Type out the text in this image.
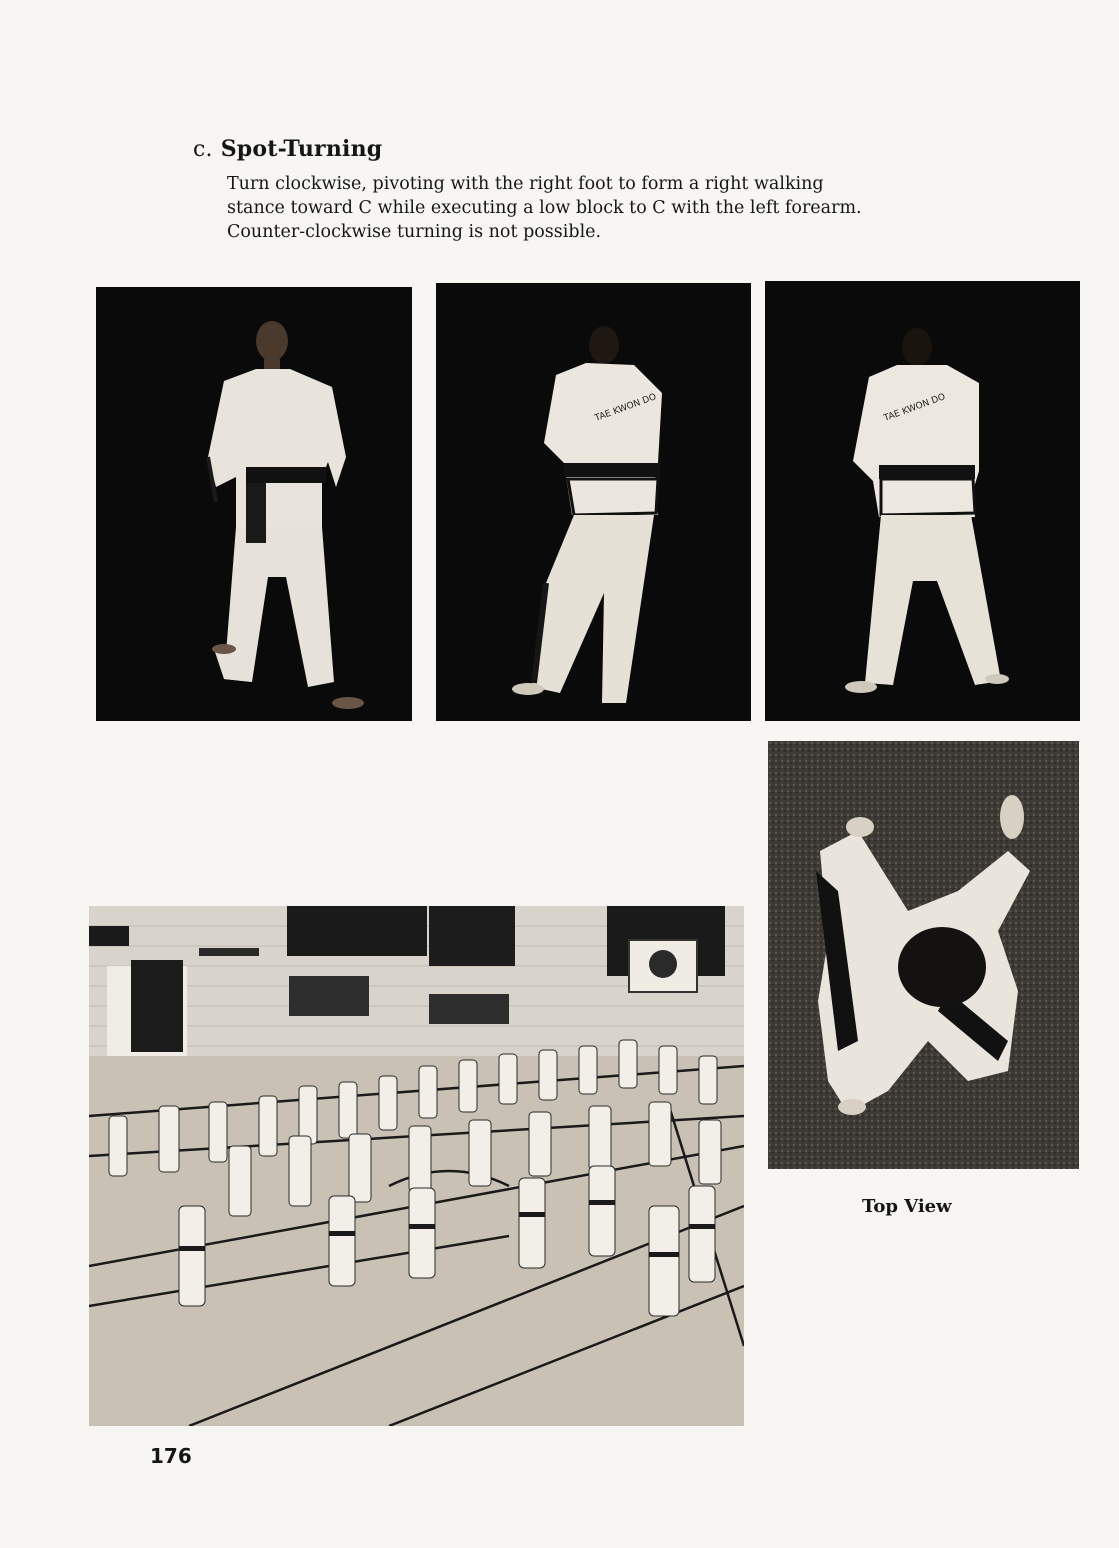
c. Spot-Turning

Turn clockwise, pivoting with the right foot to form a right walking

stance toward C while executing a low block to C with the left forearm.

Counter-clockwise turning is not possible.

TAE KWON DO	TAE KWON DO
Top View
176
